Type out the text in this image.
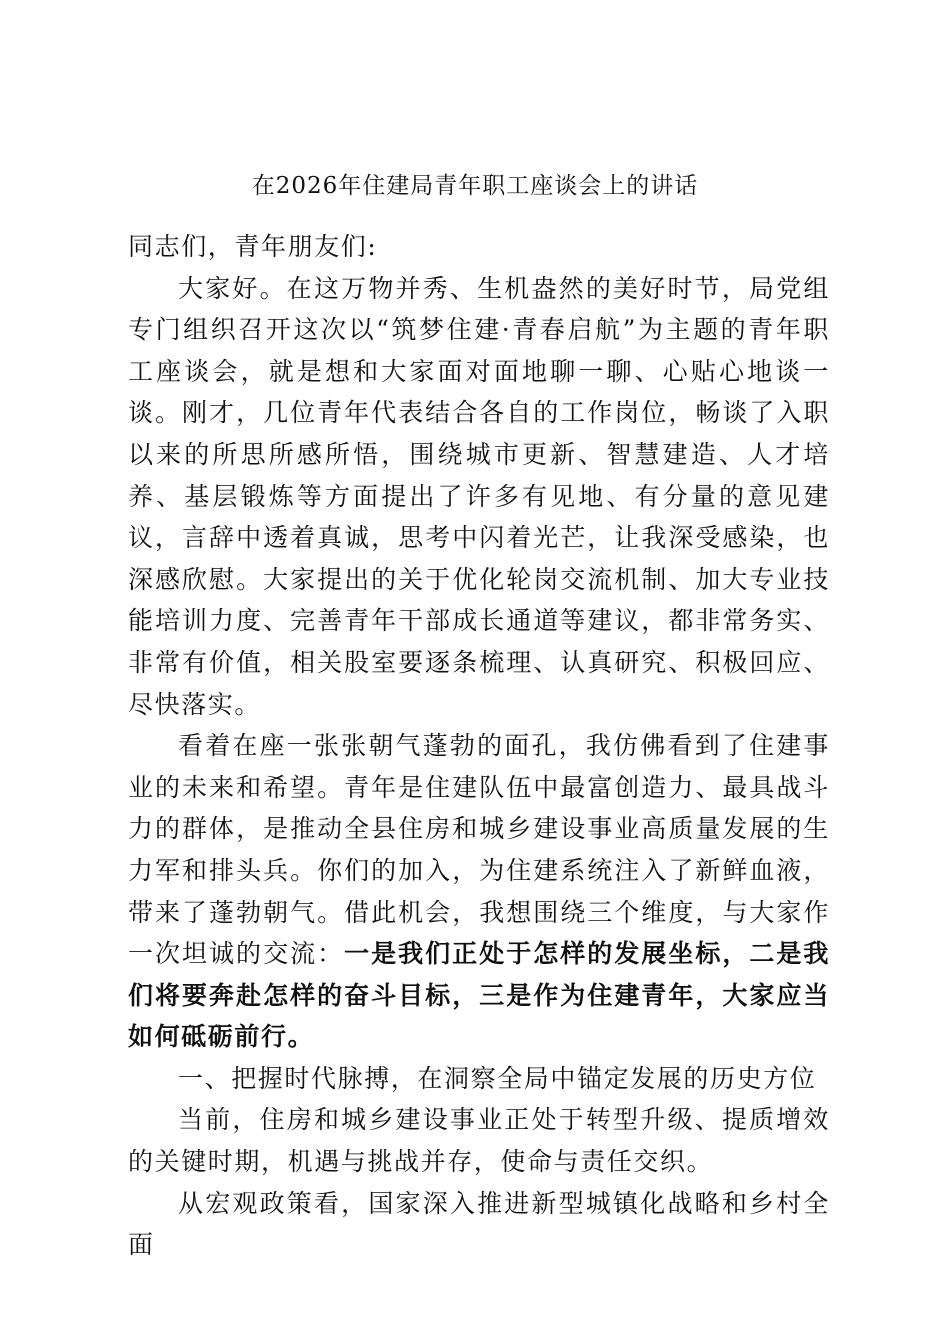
在2026年住建局青年职工座谈会上的讲话

同志们，青年朋友们:

大家好。在这万物并秀、生机盎然的美好时节，局党组专门组织召开这次以“筑梦住建·青春启航”为主题的青年职工座谈会，就是想和大家面对面地聊一聊、心贴心地谈一谈。刚才，几位青年代表结合各自的工作岗位，畅谈了入职以来的所思所感所悟，围绕城市更新、智慧建造、人才培养、基层锻炼等方面提出了许多有见地、有分量的意见建议，言辞中透着真诚，思考中闪着光芒，让我深受感染，也深感欣慰。大家提出的关于优化轮岗交流机制、加大专业技能培训力度、完善青年干部成长通道等建议，都非常务实、非常有价值，相关股室要逐条梳理、认真研究、积极回应、尽快落实。

看着在座一张张朝气蓬勃的面孔，我仿佛看到了住建事业的未来和希望。青年是住建队伍中最富创造力、最具战斗力的群体，是推动全县住房和城乡建设事业高质量发展的生力军和排头兵。你们的加入，为住建系统注入了新鲜血液，带来了蓬勃朝气。借此机会，我想围绕三个维度，与大家作一次坦诚的交流：一是我们正处于怎样的发展坐标，二是我们将要奔赴怎样的奋斗目标，三是作为住建青年，大家应当如何砥砺前行。

一、把握时代脉搏，在洞察全局中锚定发展的历史方位

当前，住房和城乡建设事业正处于转型升级、提质增效的关键时期，机遇与挑战并存，使命与责任交织。

从宏观政策看，国家深入推进新型城镇化战略和乡村全面
